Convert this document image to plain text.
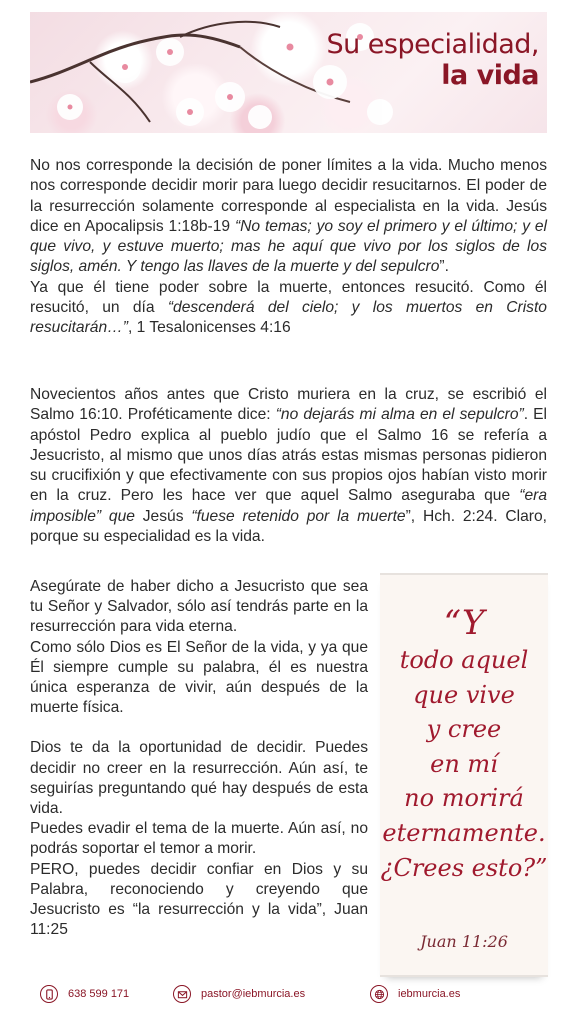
Su especialidad,
la vida

No nos corresponde la decisión de poner límites a la vida. Mucho menos nos corresponde decidir morir para luego decidir resucitarnos. El poder de la resurrección solamente corresponde al especialista en la vida. Jesús dice en Apocalipsis 1:18b-19 “No temas; yo soy el primero y el último; y el que vivo, y estuve muerto; mas he aquí que vivo por los siglos de los siglos, amén. Y tengo las llaves de la muerte y del sepulcro”.

Ya que él tiene poder sobre la muerte, entonces resucitó. Como él resucitó, un día “descenderá del cielo; y los muertos en Cristo resucitarán…”, 1 Tesalonicenses 4:16

Novecientos años antes que Cristo muriera en la cruz, se escribió el Salmo 16:10. Proféticamente dice: “no dejarás mi alma en el sepulcro”. El apóstol Pedro explica al pueblo judío que el Salmo 16 se refería a Jesucristo, al mismo que unos días atrás estas mismas personas pidieron su crucifixión y que efectivamente con sus propios ojos habían visto morir en la cruz. Pero les hace ver que aquel Salmo aseguraba que “era imposible” que Jesús “fuese retenido por la muerte”, Hch. 2:24. Claro, porque su especialidad es la vida.

Asegúrate de haber dicho a Jesucristo que sea tu Señor y Salvador, sólo así tendrás parte en la resurrección para vida eterna.

Como sólo Dios es El Señor de la vida, y ya que Él siempre cumple su palabra, él es nuestra única esperanza de vivir, aún después de la muerte física.

Dios te da la oportunidad de decidir. Puedes decidir no creer en la resurrección. Aún así, te seguirías preguntando qué hay después de esta vida.

Puedes evadir el tema de la muerte. Aún así, no podrás soportar el temor a morir.

PERO, puedes decidir confiar en Dios y su Palabra, reconociendo y creyendo que Jesucristo es “la resurrección y la vida”, Juan 11:25

“Y
todo aquel
que vive
y cree
en mí
no morirá
eternamente.
¿Crees esto?”
Juan 11:26
638 599 171	pastor@iebmurcia.es	iebmurcia.es
